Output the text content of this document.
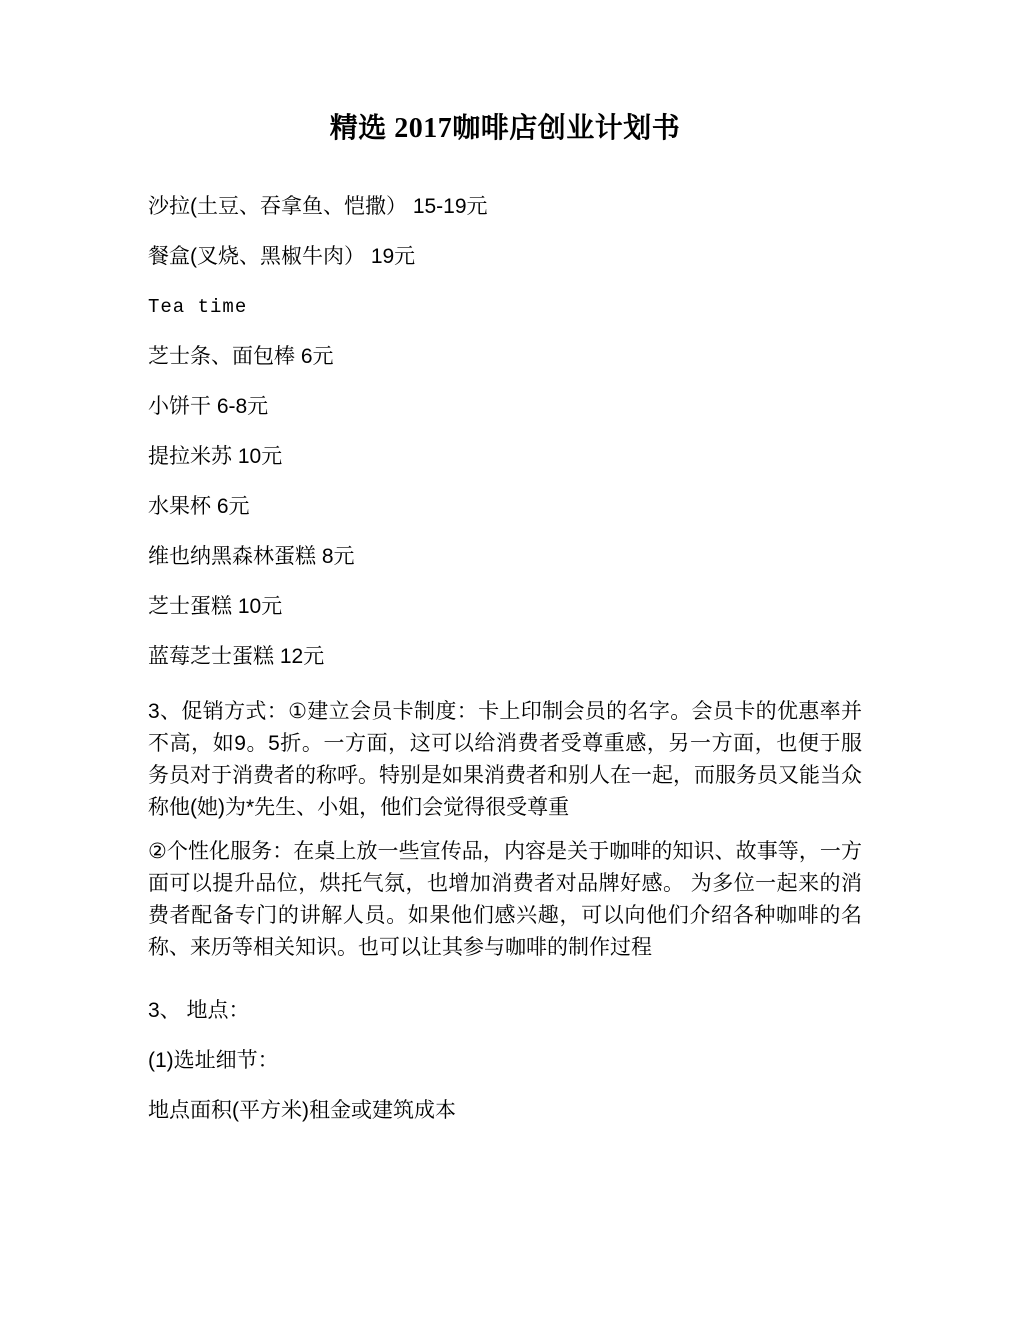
精选 2017咖啡店创业计划书
沙拉(土豆、吞拿鱼、恺撒） 15-19元
餐盒(叉烧、黑椒牛肉） 19元
Tea time
芝士条、面包棒 6元
小饼干 6-8元
提拉米苏 10元
水果杯 6元
维也纳黑森林蛋糕 8元
芝士蛋糕 10元
蓝莓芝士蛋糕 12元

3、促销方式：①建立会员卡制度：卡上印制会员的名字。会员卡的优惠率并不高，如9。5折。一方面，这可以给消费者受尊重感，另一方面，也便于服务员对于消费者的称呼。特别是如果消费者和别人在一起，而服务员又能当众称他(她)为*先生、小姐，他们会觉得很受尊重

②个性化服务：在桌上放一些宣传品，内容是关于咖啡的知识、故事等，一方面可以提升品位，烘托气氛，也增加消费者对品牌好感。 为多位一起来的消费者配备专门的讲解人员。如果他们感兴趣，可以向他们介绍各种咖啡的名称、来历等相关知识。也可以让其参与咖啡的制作过程

3、 地点：
(1)选址细节：
地点面积(平方米)租金或建筑成本
